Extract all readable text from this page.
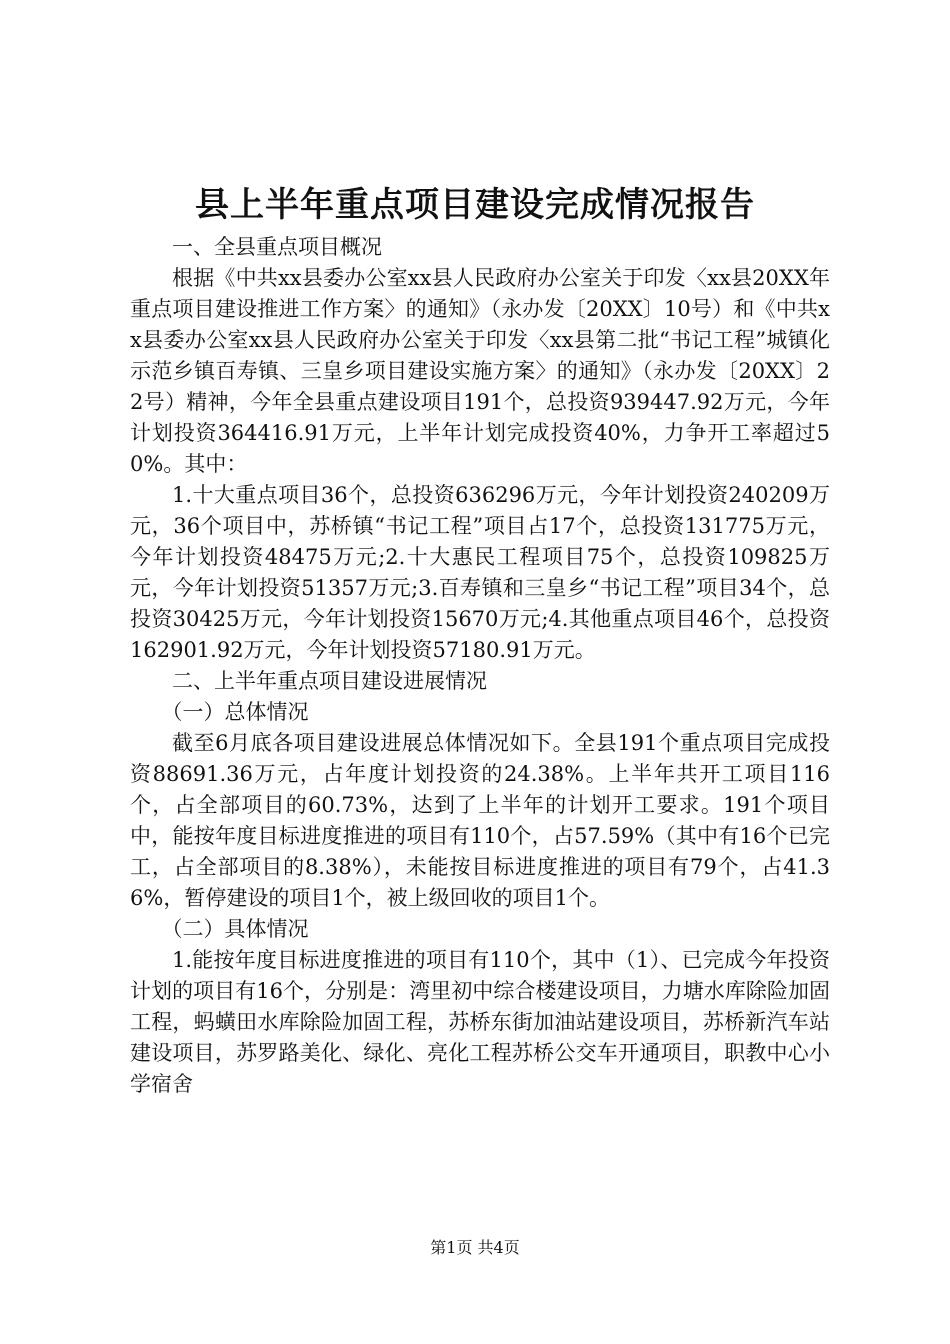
县上半年重点项目建设完成情况报告

一、全县重点项目概况

根据《中共xx县委办公室xx县人民政府办公室关于印发〈xx县20XX年重点项目建设推进工作方案〉的通知》（永办发〔20XX〕10号）和《中共xx县委办公室xx县人民政府办公室关于印发〈xx县第二批“书记工程”城镇化示范乡镇百寿镇、三皇乡项目建设实施方案〉的通知》（永办发〔20XX〕22号）精神，今年全县重点建设项目191个，总投资939447.92万元，今年计划投资364416.91万元，上半年计划完成投资40%，力争开工率超过50%。其中：

1.十大重点项目36个，总投资636296万元，今年计划投资240209万元，36个项目中，苏桥镇“书记工程”项目占17个，总投资131775万元，今年计划投资48475万元;2.十大惠民工程项目75个，总投资109825万元，今年计划投资51357万元;3.百寿镇和三皇乡“书记工程”项目34个，总投资30425万元，今年计划投资15670万元;4.其他重点项目46个，总投资162901.92万元，今年计划投资57180.91万元。

二、上半年重点项目建设进展情况

（一）总体情况

截至6月底各项目建设进展总体情况如下。全县191个重点项目完成投资88691.36万元，占年度计划投资的24.38%。上半年共开工项目116个，占全部项目的60.73%，达到了上半年的计划开工要求。191个项目中，能按年度目标进度推进的项目有110个，占57.59%（其中有16个已完工，占全部项目的8.38%），未能按目标进度推进的项目有79个，占41.36%，暂停建设的项目1个，被上级回收的项目1个。

（二）具体情况

1.能按年度目标进度推进的项目有110个，其中（1）、已完成今年投资计划的项目有16个，分别是：湾里初中综合楼建设项目，力塘水库除险加固工程，蚂蟥田水库除险加固工程，苏桥东街加油站建设项目，苏桥新汽车站建设项目，苏罗路美化、绿化、亮化工程苏桥公交车开通项目，职教中心小学宿舍

第1页 共4页
